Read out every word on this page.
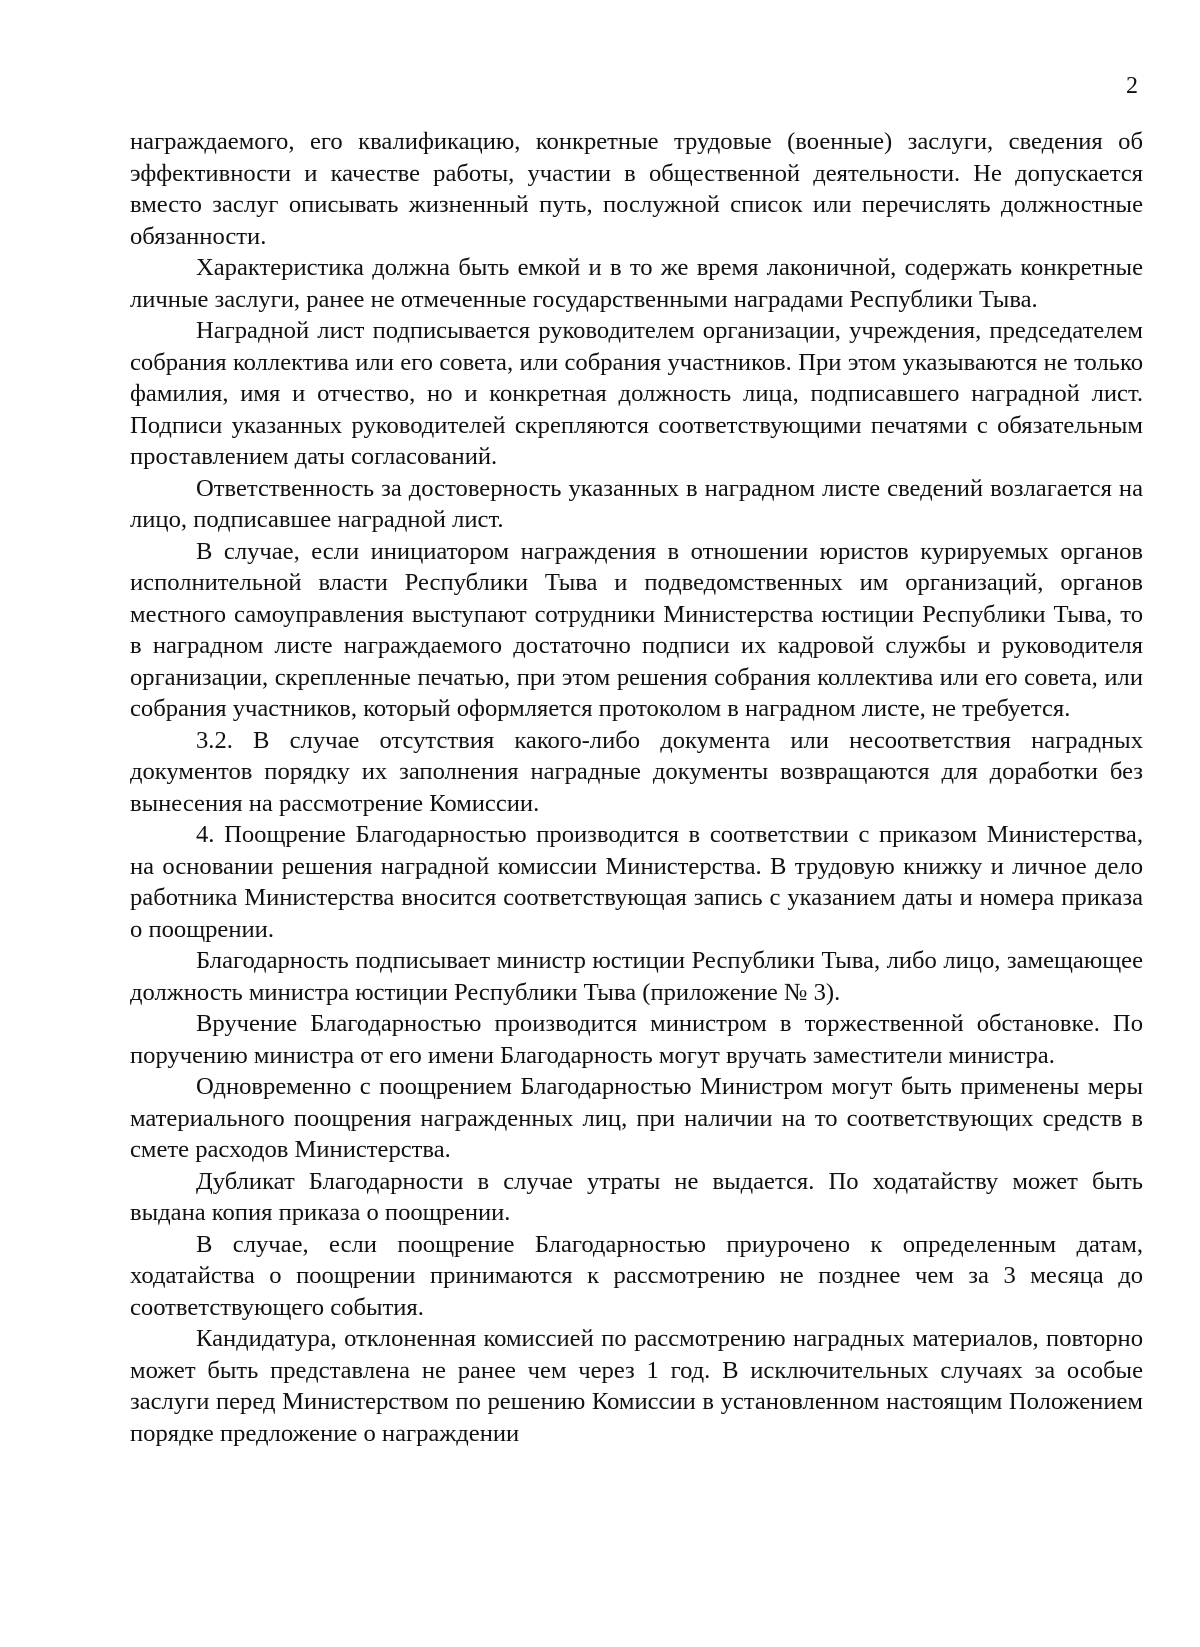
2

награждаемого, его квалификацию, конкретные трудовые (военные) заслуги, сведения об эффективности и качестве работы, участии в общественной деятельности. Не допускается вместо заслуг описывать жизненный путь, послужной список или перечислять должностные обязанности.

Характеристика должна быть емкой и в то же время лаконичной, содержать конкретные личные заслуги, ранее не отмеченные государственными наградами Республики Тыва.

Наградной лист подписывается руководителем организации, учреждения, председателем собрания коллектива или его совета, или собрания участников. При этом указываются не только фамилия, имя и отчество, но и конкретная должность лица, подписавшего наградной лист. Подписи указанных руководителей скрепляются соответствующими печатями с обязательным проставлением даты согласований.

Ответственность за достоверность указанных в наградном листе сведений возлагается на лицо, подписавшее наградной лист.

В случае, если инициатором награждения в отношении юристов курируемых органов исполнительной власти Республики Тыва и подведомственных им организаций, органов местного самоуправления выступают сотрудники Министерства юстиции Республики Тыва, то в наградном листе награждаемого достаточно подписи их кадровой службы и руководителя организации, скрепленные печатью, при этом решения собрания коллектива или его совета, или собрания участников, который оформляется протоколом в наградном листе, не требуется.

3.2. В случае отсутствия какого-либо документа или несоответствия наградных документов порядку их заполнения наградные документы возвращаются для доработки без вынесения на рассмотрение Комиссии.

4. Поощрение Благодарностью производится в соответствии с приказом Министерства, на основании решения наградной комиссии Министерства. В трудовую книжку и личное дело работника Министерства вносится соответствующая запись с указанием даты и номера приказа о поощрении.

Благодарность подписывает министр юстиции Республики Тыва, либо лицо, замещающее должность министра юстиции Республики Тыва (приложение № 3).

Вручение Благодарностью производится министром в торжественной обстановке. По поручению министра от его имени Благодарность могут вручать заместители министра.

Одновременно с поощрением Благодарностью Министром могут быть применены меры материального поощрения награжденных лиц, при наличии на то соответствующих средств в смете расходов Министерства.

Дубликат Благодарности в случае утраты не выдается. По ходатайству может быть выдана копия приказа о поощрении.

В случае, если поощрение Благодарностью приурочено к определенным датам, ходатайства о поощрении принимаются к рассмотрению не позднее чем за 3 месяца до соответствующего события.

Кандидатура, отклоненная комиссией по рассмотрению наградных материалов, повторно может быть представлена не ранее чем через 1 год. В исключительных случаях за особые заслуги перед Министерством по решению Комиссии в установленном настоящим Положением порядке предложение о награждении
